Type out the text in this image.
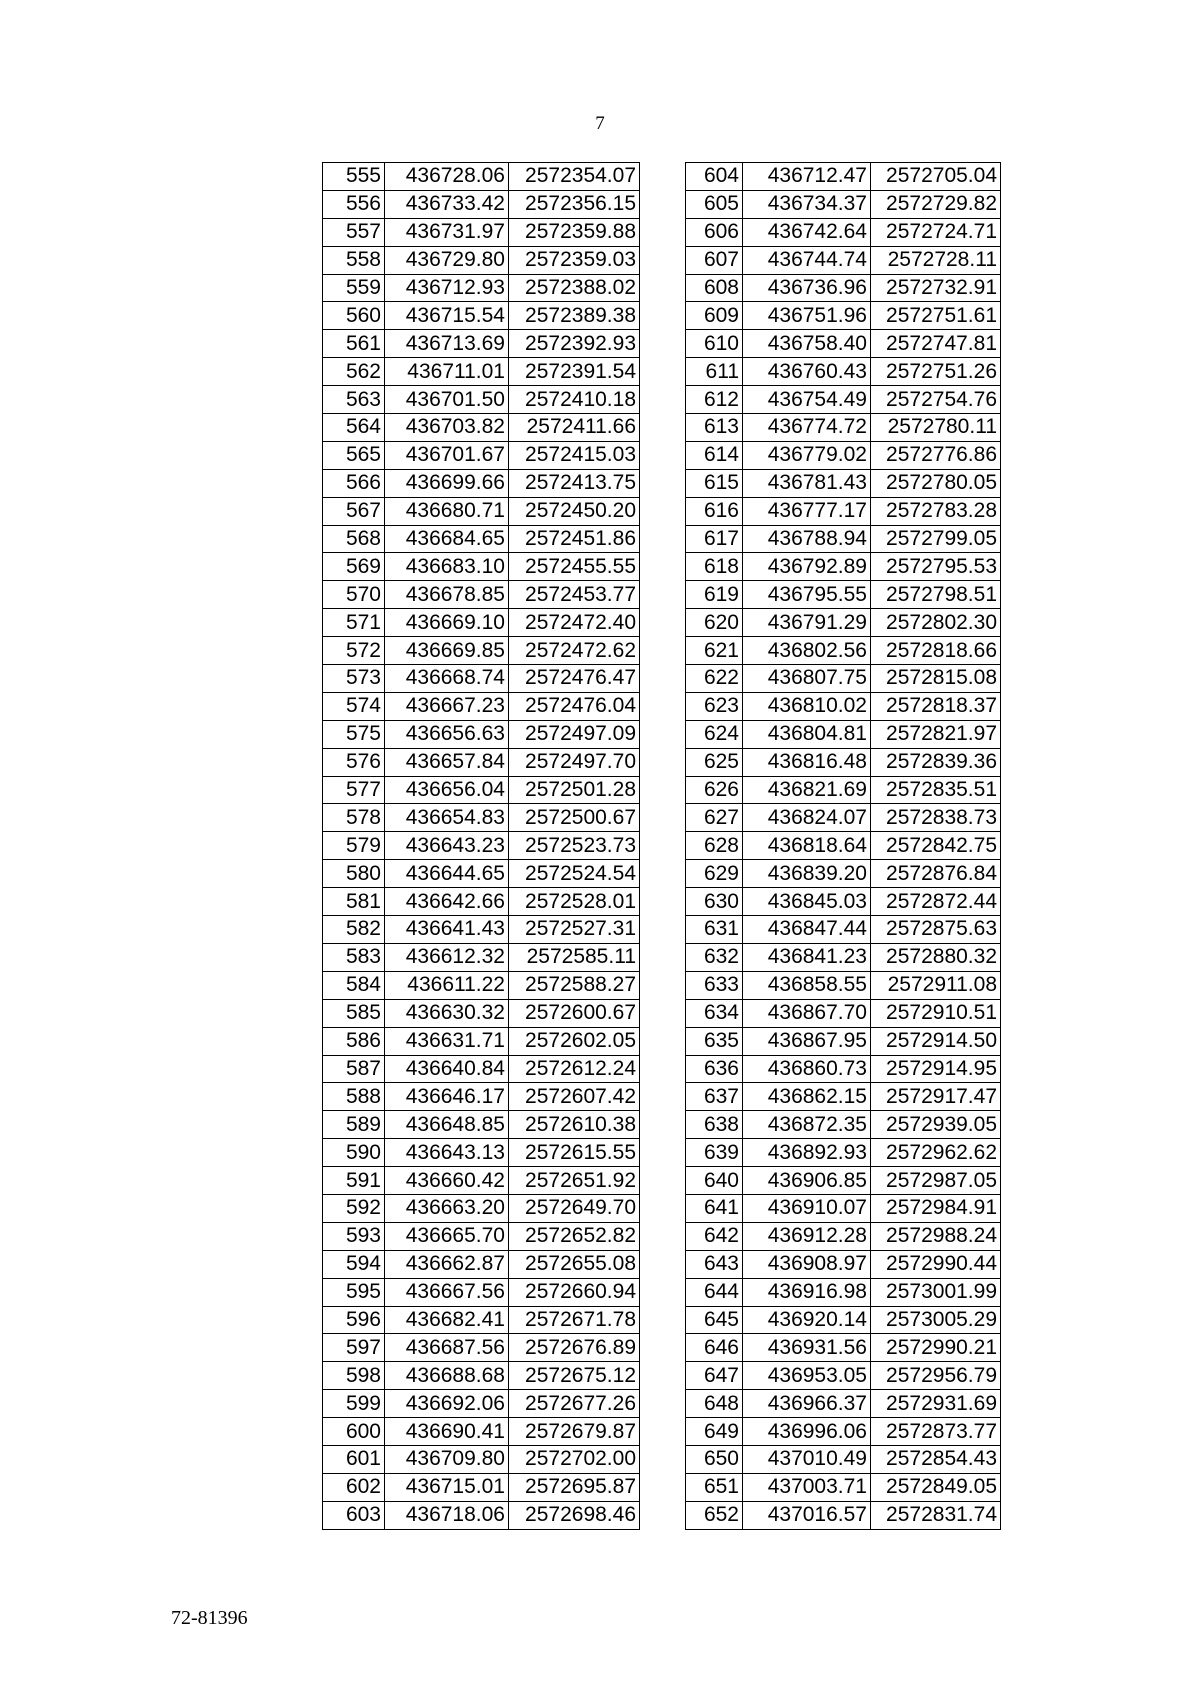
7
555	436728.06	2572354.07
556	436733.42	2572356.15
557	436731.97	2572359.88
558	436729.80	2572359.03
559	436712.93	2572388.02
560	436715.54	2572389.38
561	436713.69	2572392.93
562	436711.01	2572391.54
563	436701.50	2572410.18
564	436703.82	2572411.66
565	436701.67	2572415.03
566	436699.66	2572413.75
567	436680.71	2572450.20
568	436684.65	2572451.86
569	436683.10	2572455.55
570	436678.85	2572453.77
571	436669.10	2572472.40
572	436669.85	2572472.62
573	436668.74	2572476.47
574	436667.23	2572476.04
575	436656.63	2572497.09
576	436657.84	2572497.70
577	436656.04	2572501.28
578	436654.83	2572500.67
579	436643.23	2572523.73
580	436644.65	2572524.54
581	436642.66	2572528.01
582	436641.43	2572527.31
583	436612.32	2572585.11
584	436611.22	2572588.27
585	436630.32	2572600.67
586	436631.71	2572602.05
587	436640.84	2572612.24
588	436646.17	2572607.42
589	436648.85	2572610.38
590	436643.13	2572615.55
591	436660.42	2572651.92
592	436663.20	2572649.70
593	436665.70	2572652.82
594	436662.87	2572655.08
595	436667.56	2572660.94
596	436682.41	2572671.78
597	436687.56	2572676.89
598	436688.68	2572675.12
599	436692.06	2572677.26
600	436690.41	2572679.87
601	436709.80	2572702.00
602	436715.01	2572695.87
603	436718.06	2572698.46
604	436712.47	2572705.04
605	436734.37	2572729.82
606	436742.64	2572724.71
607	436744.74	2572728.11
608	436736.96	2572732.91
609	436751.96	2572751.61
610	436758.40	2572747.81
611	436760.43	2572751.26
612	436754.49	2572754.76
613	436774.72	2572780.11
614	436779.02	2572776.86
615	436781.43	2572780.05
616	436777.17	2572783.28
617	436788.94	2572799.05
618	436792.89	2572795.53
619	436795.55	2572798.51
620	436791.29	2572802.30
621	436802.56	2572818.66
622	436807.75	2572815.08
623	436810.02	2572818.37
624	436804.81	2572821.97
625	436816.48	2572839.36
626	436821.69	2572835.51
627	436824.07	2572838.73
628	436818.64	2572842.75
629	436839.20	2572876.84
630	436845.03	2572872.44
631	436847.44	2572875.63
632	436841.23	2572880.32
633	436858.55	2572911.08
634	436867.70	2572910.51
635	436867.95	2572914.50
636	436860.73	2572914.95
637	436862.15	2572917.47
638	436872.35	2572939.05
639	436892.93	2572962.62
640	436906.85	2572987.05
641	436910.07	2572984.91
642	436912.28	2572988.24
643	436908.97	2572990.44
644	436916.98	2573001.99
645	436920.14	2573005.29
646	436931.56	2572990.21
647	436953.05	2572956.79
648	436966.37	2572931.69
649	436996.06	2572873.77
650	437010.49	2572854.43
651	437003.71	2572849.05
652	437016.57	2572831.74
72-81396
